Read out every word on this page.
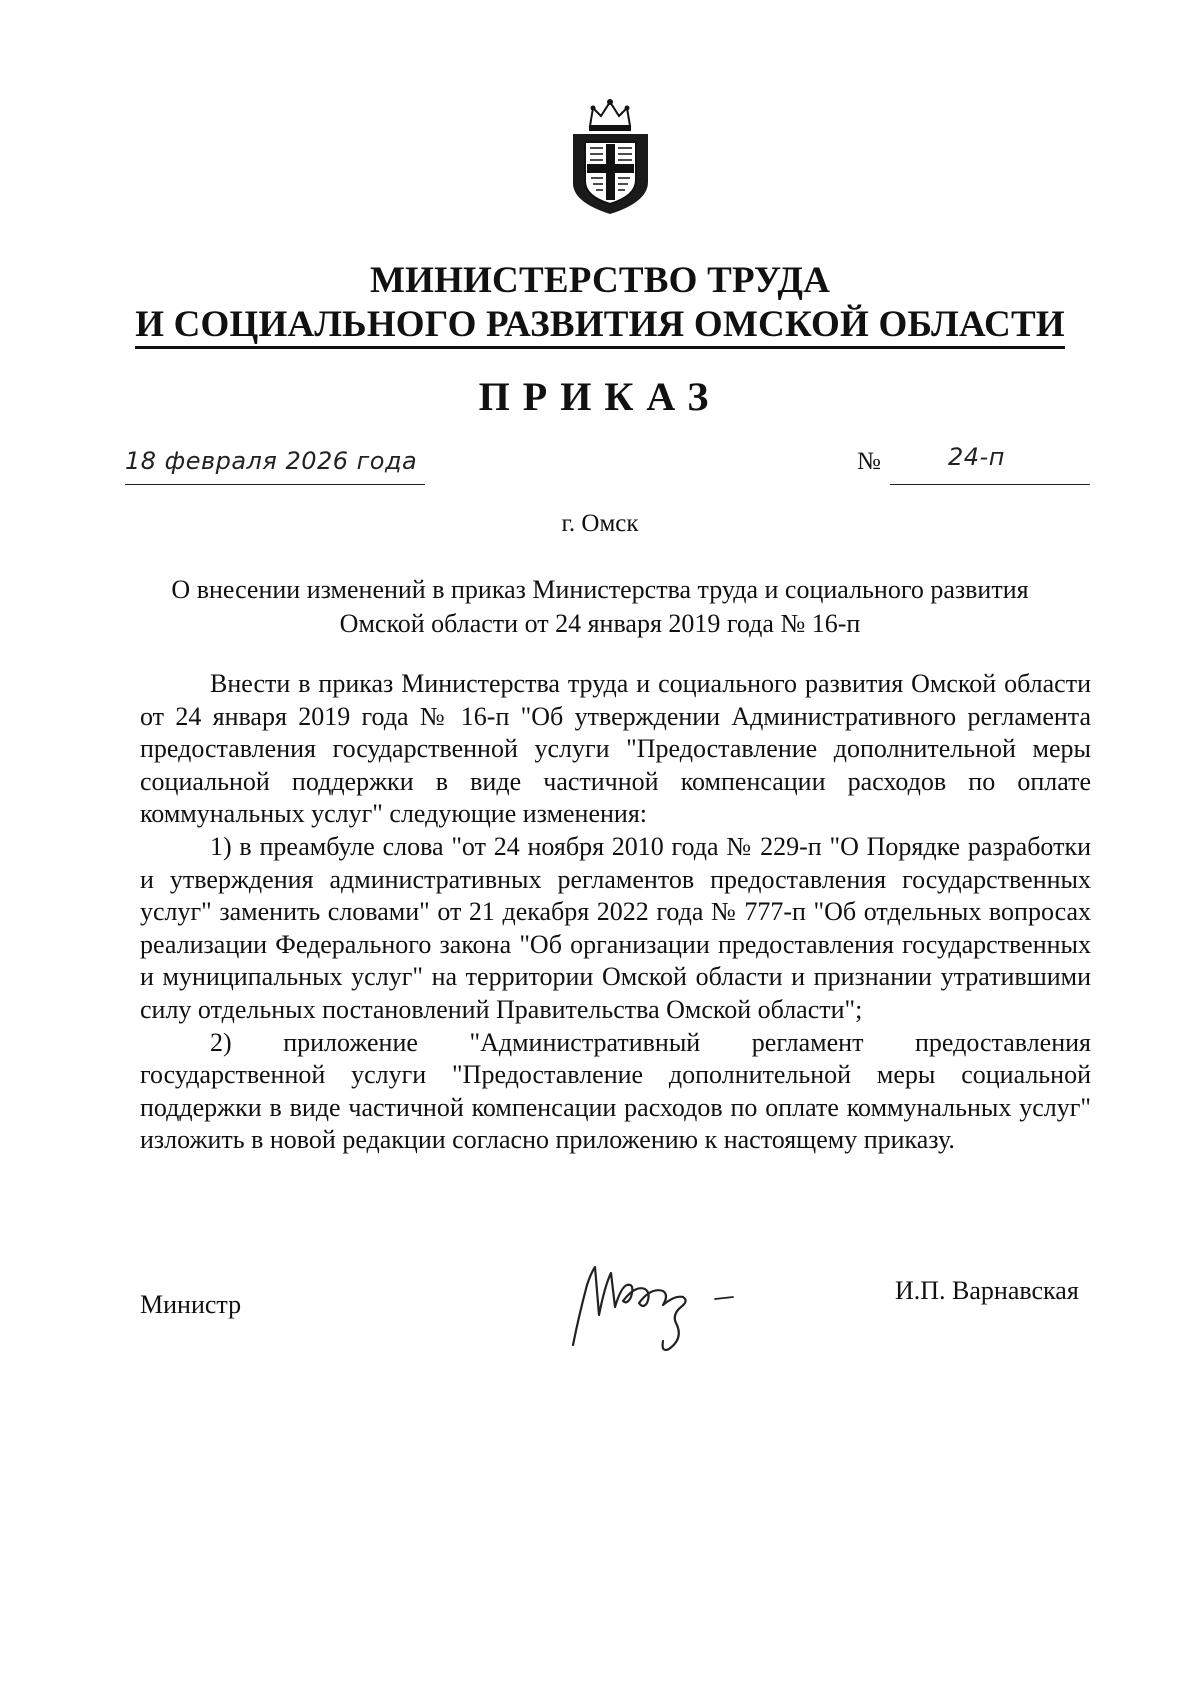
МИНИСТЕРСТВО ТРУДА
И СОЦИАЛЬНОГО РАЗВИТИЯ ОМСКОЙ ОБЛАСТИ
ПРИКАЗ
18 февраля 2026 года	№	24-п
г. Омск
О внесении изменений в приказ Министерства труда и социального развития
Омской области от 24 января 2019 года № 16-п

Внести в приказ Министерства труда и социального развития Омской области от 24 января 2019 года № 16-п "Об утверждении Административного регламента предоставления государственной услуги "Предоставление дополнительной меры социальной поддержки в виде частичной компенсации расходов по оплате коммунальных услуг" следующие изменения:

1) в преамбуле слова "от 24 ноября 2010 года № 229-п "О Порядке разработки и утверждения административных регламентов предоставления государственных услуг" заменить словами" от 21 декабря 2022 года № 777-п "Об отдельных вопросах реализации Федерального закона "Об организации предоставления государственных и муниципальных услуг" на территории Омской области и признании утратившими силу отдельных постановлений Правительства Омской области";

2) приложение "Административный регламент предоставления государственной услуги "Предоставление дополнительной меры социальной поддержки в виде частичной компенсации расходов по оплате коммунальных услуг" изложить в новой редакции согласно приложению к настоящему приказу.

Министр	И.П. Варнавская
